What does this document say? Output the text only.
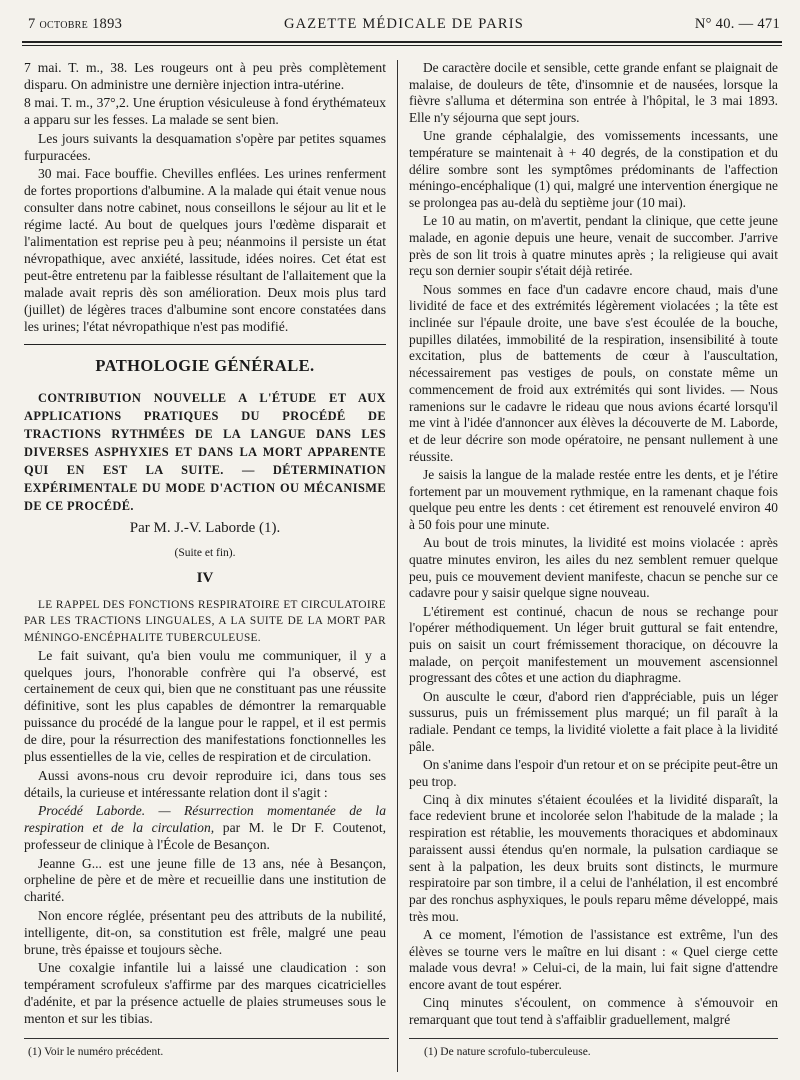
7 octobre 1893	GAZETTE MÉDICALE DE PARIS	N° 40. — 471

7 mai. T. m., 38. Les rougeurs ont à peu près complètement disparu. On administre une dernière injection intra-utérine.

8 mai. T. m., 37°,2. Une éruption vésiculeuse à fond érythémateux a apparu sur les fesses. La malade se sent bien.

Les jours suivants la desquamation s'opère par petites squames furpuracées.

30 mai. Face bouffie. Chevilles enflées. Les urines renferment de fortes proportions d'albumine. A la malade qui était venue nous consulter dans notre cabinet, nous conseillons le séjour au lit et le régime lacté. Au bout de quelques jours l'œdème disparait et l'alimentation est reprise peu à peu; néanmoins il persiste un état névropathique, avec anxiété, lassitude, idées noires. Cet état est peut-être entretenu par la faiblesse résultant de l'allaitement que la malade avait repris dès son amélioration. Deux mois plus tard (juillet) de légères traces d'albumine sont encore constatées dans les urines; l'état névropathique n'est pas modifié.

PATHOLOGIE GÉNÉRALE.

CONTRIBUTION NOUVELLE A L'ÉTUDE ET AUX APPLICATIONS PRATIQUES DU PROCÉDÉ DE TRACTIONS RYTHMÉES DE LA LANGUE DANS LES DIVERSES ASPHYXIES ET DANS LA MORT APPARENTE QUI EN EST LA SUITE. — DÉTERMINATION EXPÉRIMENTALE DU MODE D'ACTION OU MÉCANISME DE CE PROCÉDÉ.

Par M. J.-V. Laborde (1).
(Suite et fin).
IV

LE RAPPEL DES FONCTIONS RESPIRATOIRE ET CIRCULATOIRE PAR LES TRACTIONS LINGUALES, A LA SUITE DE LA MORT PAR MÉNINGO-ENCÉPHALITE TUBERCULEUSE.

Le fait suivant, qu'a bien voulu me communiquer, il y a quelques jours, l'honorable confrère qui l'a observé, est certainement de ceux qui, bien que ne constituant pas une réussite définitive, sont les plus capables de démontrer la remarquable puissance du procédé de la langue pour le rappel, et il est permis de dire, pour la résurrection des manifestations fonctionnelles les plus essentielles de la vie, celles de respiration et de circulation.

Aussi avons-nous cru devoir reproduire ici, dans tous ses détails, la curieuse et intéressante relation dont il s'agit :

Procédé Laborde. — Résurrection momentanée de la respiration et de la circulation, par M. le Dr F. Coutenot, professeur de clinique à l'École de Besançon.

Jeanne G... est une jeune fille de 13 ans, née à Besançon, orpheline de père et de mère et recueillie dans une institution de charité.

Non encore réglée, présentant peu des attributs de la nubilité, intelligente, dit-on, sa constitution est frêle, malgré une peau brune, très épaisse et toujours sèche.

Une coxalgie infantile lui a laissé une claudication : son tempérament scrofuleux s'affirme par des marques cicatricielles d'adénite, et par la présence actuelle de plaies strumeuses sous le menton et sur les tibias.

De caractère docile et sensible, cette grande enfant se plaignait de malaise, de douleurs de tête, d'insomnie et de nausées, lorsque la fièvre s'alluma et détermina son entrée à l'hôpital, le 3 mai 1893. Elle n'y séjourna que sept jours.

Une grande céphalalgie, des vomissements incessants, une température se maintenait à + 40 degrés, de la constipation et du délire sombre sont les symptômes prédominants de l'affection méningo-encéphalique (1) qui, malgré une intervention énergique ne se prolongea pas au-delà du septième jour (10 mai).

Le 10 au matin, on m'avertit, pendant la clinique, que cette jeune malade, en agonie depuis une heure, venait de succomber. J'arrive près de son lit trois à quatre minutes après ; la religieuse qui avait reçu son dernier soupir s'était déjà retirée.

Nous sommes en face d'un cadavre encore chaud, mais d'une lividité de face et des extrémités légèrement violacées ; la tête est inclinée sur l'épaule droite, une bave s'est écoulée de la bouche, pupilles dilatées, immobilité de la respiration, insensibilité à toute excitation, plus de battements de cœur à l'auscultation, nécessairement pas vestiges de pouls, on constate même un commencement de froid aux extrémités qui sont livides. — Nous ramenions sur le cadavre le rideau que nous avions écarté lorsqu'il me vint à l'idée d'annoncer aux élèves la découverte de M. Laborde, et de leur décrire son mode opératoire, ne pensant nullement à une réussite.

Je saisis la langue de la malade restée entre les dents, et je l'étire fortement par un mouvement rythmique, en la ramenant chaque fois quelque peu entre les dents : cet étirement est renouvelé environ 40 à 50 fois pour une minute.

Au bout de trois minutes, la lividité est moins violacée : après quatre minutes environ, les ailes du nez semblent remuer quelque peu, puis ce mouvement devient manifeste, chacun se penche sur ce cadavre pour y saisir quelque signe nouveau.

L'étirement est continué, chacun de nous se rechange pour l'opérer méthodiquement. Un léger bruit guttural se fait entendre, puis on saisit un court frémissement thoracique, on découvre la malade, on perçoit manifestement un mouvement ascensionnel progressant des côtes et une action du diaphragme.

On ausculte le cœur, d'abord rien d'appréciable, puis un léger sussurus, puis un frémissement plus marqué; un fil paraît à la radiale. Pendant ce temps, la lividité violette a fait place à la lividité pâle.

On s'anime dans l'espoir d'un retour et on se précipite peut-être un peu trop.

Cinq à dix minutes s'étaient écoulées et la lividité disparaît, la face redevient brune et incolorée selon l'habitude de la malade ; la respiration est rétablie, les mouvements thoraciques et abdominaux paraissent aussi étendus qu'en normale, la pulsation cardiaque se sent à la palpation, les deux bruits sont distincts, le murmure respiratoire par son timbre, il a celui de l'anhélation, il est encombré par des ronchus asphyxiques, le pouls reparu même développé, mais très mou.

A ce moment, l'émotion de l'assistance est extrême, l'un des élèves se tourne vers le maître en lui disant : « Quel cierge cette malade vous devra! » Celui-ci, de la main, lui fait signe d'attendre encore avant de tout espérer.

Cinq minutes s'écoulent, on commence à s'émouvoir en remarquant que tout tend à s'affaiblir graduellement, malgré

(1) Voir le numéro précédent.	(1) De nature scrofulo-tuberculeuse.
